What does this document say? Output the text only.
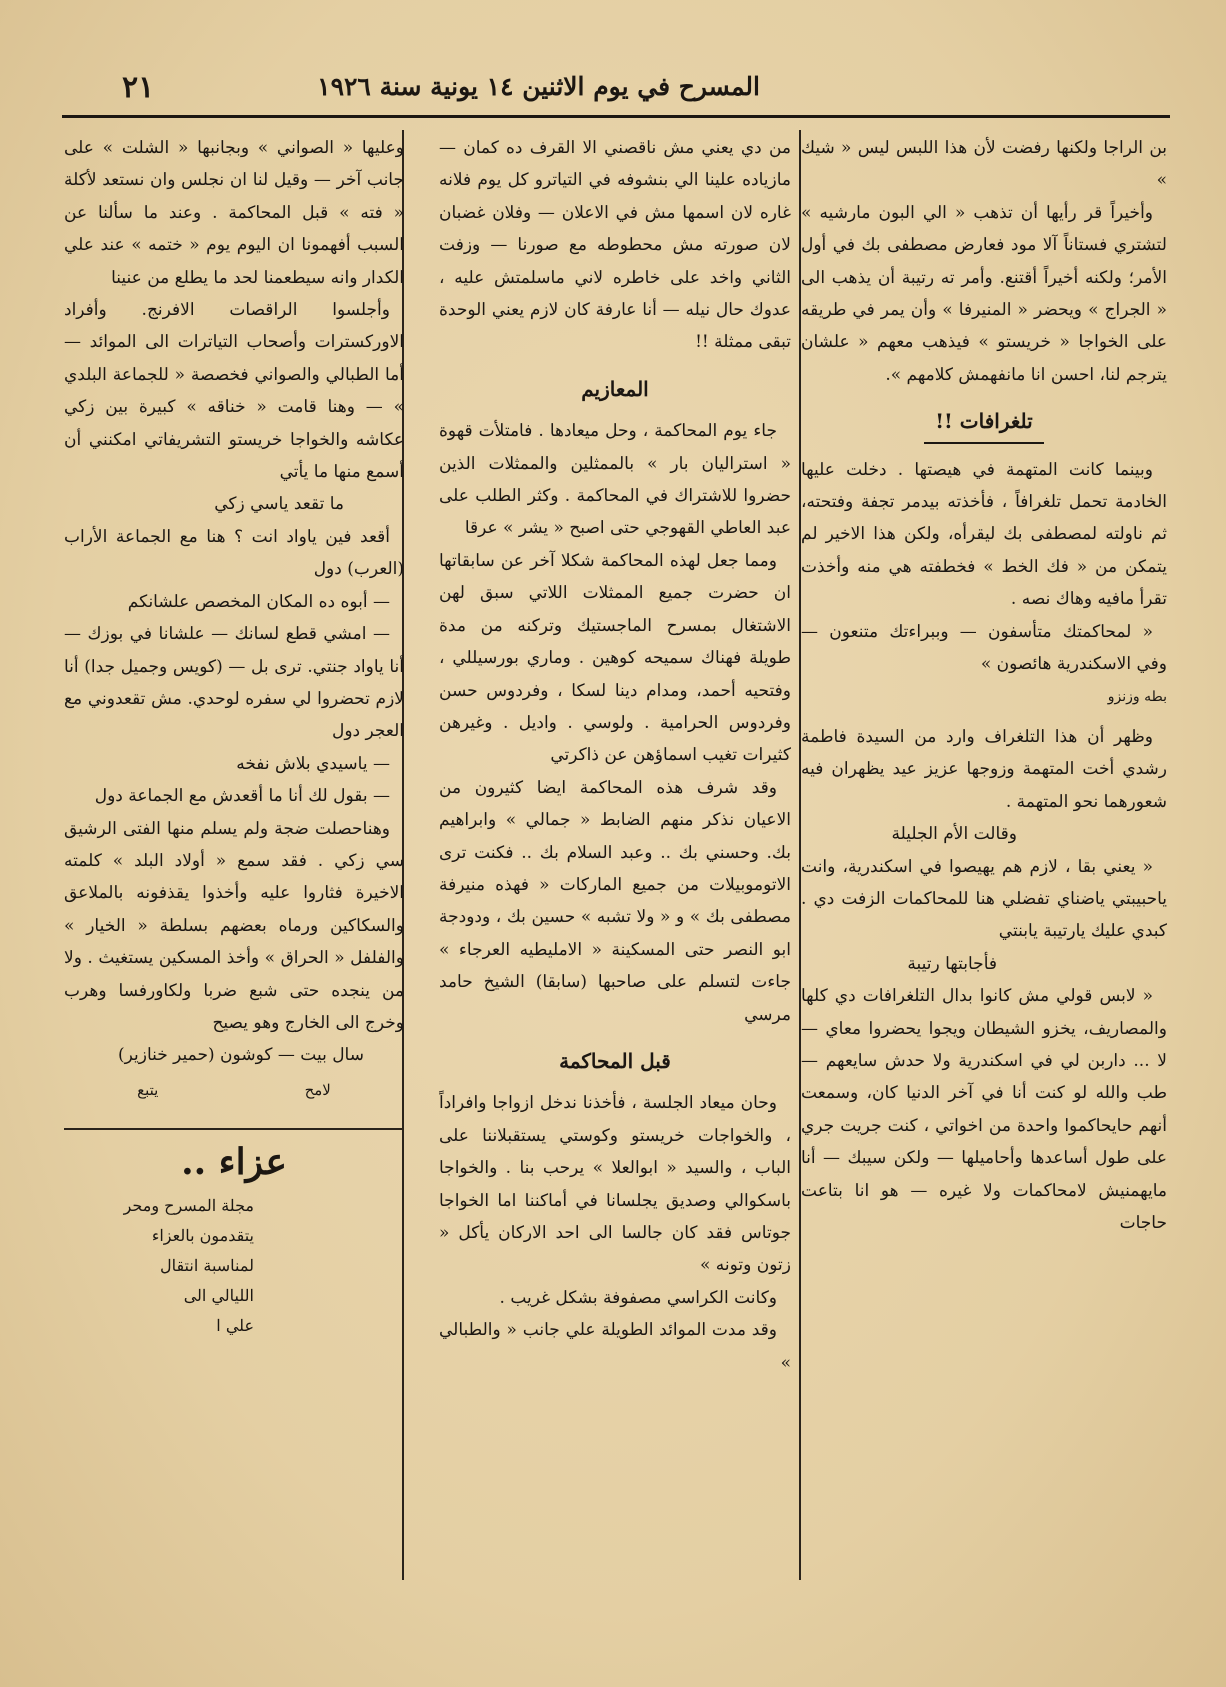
المسرح في يوم الاثنين ١٤ يونية سنة ١٩٢٦
٢١

بن الراجا ولكنها رفضت لأن هذا اللبس ليس « شيك »

وأخيراً قر رأيها أن تذهب « الي البون مارشيه » لتشتري فستاناً آلا مود فعارض مصطفى بك في أول الأمر؛ ولكنه أخيراً أقتنع. وأمر ته رتيبة أن يذهب الى « الجراج » ويحضر « المنيرفا » وأن يمر في طريقه على الخواجا « خريستو » فيذهب معهم « علشان يترجم لنا، احسن انا مانفهمش كلامهم ».

تلغرافات !!

وبينما كانت المتهمة في هيصتها . دخلت عليها الخادمة تحمل تلغرافاً ، فأخذته بيدمر تجفة وفتحته، ثم ناولته لمصطفى بك ليقرأه، ولكن هذا الاخير لم يتمكن من « فك الخط » فخطفته هي منه وأخذت تقرأ مافيه وهاك نصه .

« لمحاكمتك متأسفون — وببراءتك متنعون — وفي الاسكندرية هائصون »

بطه وزنزو

وظهر أن هذا التلغراف وارد من السيدة فاطمة رشدي أخت المتهمة وزوجها عزيز عيد يظهران فيه شعورهما نحو المتهمة .

وقالت الأم الجليلة

« يعني بقا ، لازم هم يهيصوا في اسكندرية، وانت ياحبيبتي ياضناي تفضلي هنا للمحاكمات الزفت دي . كبدي عليك يارتيبة يابنتي

فأجابتها رتيبة

« لابس قولي مش كانوا بدال التلغرافات دي كلها والمصاريف، يخزو الشيطان ويجوا يحضروا معاي — لا ... داربن لي في اسكندرية ولا حدش سايعهم — طب والله لو كنت أنا في آخر الدنيا كان، وسمعت أنهم حايحاكموا واحدة من اخواتي ، كنت جريت جري على طول أساعدها وأحاميلها — ولكن سيبك — أنا مايهمنيش لامحاكمات ولا غيره — هو انا بتاعت حاجات

من دي يعني مش ناقصني الا القرف ده كمان — مازياده علينا الي بنشوفه في التياترو كل يوم فلانه غاره لان اسمها مش في الاعلان — وفلان غضبان لان صورته مش محطوطه مع صورنا — وزفت الثاني واخد على خاطره لاني ماسلمتش عليه ، عدوك حال نيله — أنا عارفة كان لازم يعني الوحدة تبقى ممثلة !!

المعازيم

جاء يوم المحاكمة ، وحل ميعادها . فامتلأت قهوة « استراليان بار » بالممثلين والممثلات الذين حضروا للاشتراك في المحاكمة . وكثر الطلب على عبد العاطي القهوجي حتى اصبح « يشر » عرقا

ومما جعل لهذه المحاكمة شكلا آخر عن سابقاتها ان حضرت جميع الممثلات اللاتي سبق لهن الاشتغال بمسرح الماجستيك وتركنه من مدة طويلة فهناك سميحه كوهين . وماري بورسيللي ، وفتحيه أحمد، ومدام دينا لسكا ، وفردوس حسن وفردوس الحرامية . ولوسي . واديل . وغيرهن كثيرات تغيب اسماؤهن عن ذاكرتي

وقد شرف هذه المحاكمة ايضا كثيرون من الاعيان نذكر منهم الضابط « جمالي » وابراهيم بك. وحسني بك .. وعبد السلام بك .. فكنت ترى الاتوموبيلات من جميع الماركات « فهذه منيرفة مصطفى بك » و « ولا تشبه » حسين بك ، ودودجة ابو النصر حتى المسكينة « الامليطيه العرجاء » جاءت لتسلم على صاحبها (سابقا) الشيخ حامد مرسي

قبل المحاكمة

وحان ميعاد الجلسة ، فأخذنا ندخل ازواجا وافراداً ، والخواجات خريستو وكوستي يستقبلاننا على الباب ، والسيد « ابوالعلا » يرحب بنا . والخواجا باسكوالي وصديق يجلسانا في أماكننا اما الخواجا جوتاس فقد كان جالسا الى احد الاركان يأكل « زتون وتونه »

وكانت الكراسي مصفوفة بشكل غريب .

وقد مدت الموائد الطويلة علي جانب « والطبالي »

وعليها « الصواني » وبجانبها « الشلت » على جانب آخر — وقيل لنا ان نجلس وان نستعد لأكلة « فته » قبل المحاكمة . وعند ما سألنا عن السبب أفهمونا ان اليوم يوم « ختمه » عند علي الكدار وانه سيطعمنا لحد ما يطلع من عنينا

وأجلسوا الراقصات الافرنج. وأفراد الاوركسترات وأصحاب التياترات الى الموائد — أما الطبالي والصواني فخصصة « للجماعة البلدي » — وهنا قامت « خناقه » كبيرة بين زكي عكاشه والخواجا خريستو التشريفاتي امكنني أن أسمع منها ما يأتي

ما تقعد ياسي زكي

أقعد فين ياواد انت ؟ هنا مع الجماعة الأراب (العرب) دول

— أبوه ده المكان المخصص علشانكم

— امشي قطع لسانك — علشانا في بوزك — أنا ياواد جنتي. ترى بل — (كويس وجميل جدا) أنا لازم تحضروا لي سفره لوحدي. مش تقعدوني مع العجر دول

— ياسيدي بلاش نفخه

— بقول لك أنا ما أقعدش مع الجماعة دول

وهناحصلت ضجة ولم يسلم منها الفتى الرشيق سي زكي . فقد سمع « أولاد البلد » كلمته الاخيرة فثاروا عليه وأخذوا يقذفونه بالملاعق والسكاكين ورماه بعضهم بسلطة « الخيار » والفلفل « الحراق » وأخذ المسكين يستغيث . ولا من ينجده حتى شبع ضربا ولكاورفسا وهرب وخرج الى الخارج وهو يصيح

سال بيت — كوشون (حمير خنازير)

لامح
يتبع
عزاء ..

مجلة المسرح ومحر

يتقدمون بالعزاء

لمناسبة انتقال

الليالي الى

علي ا
